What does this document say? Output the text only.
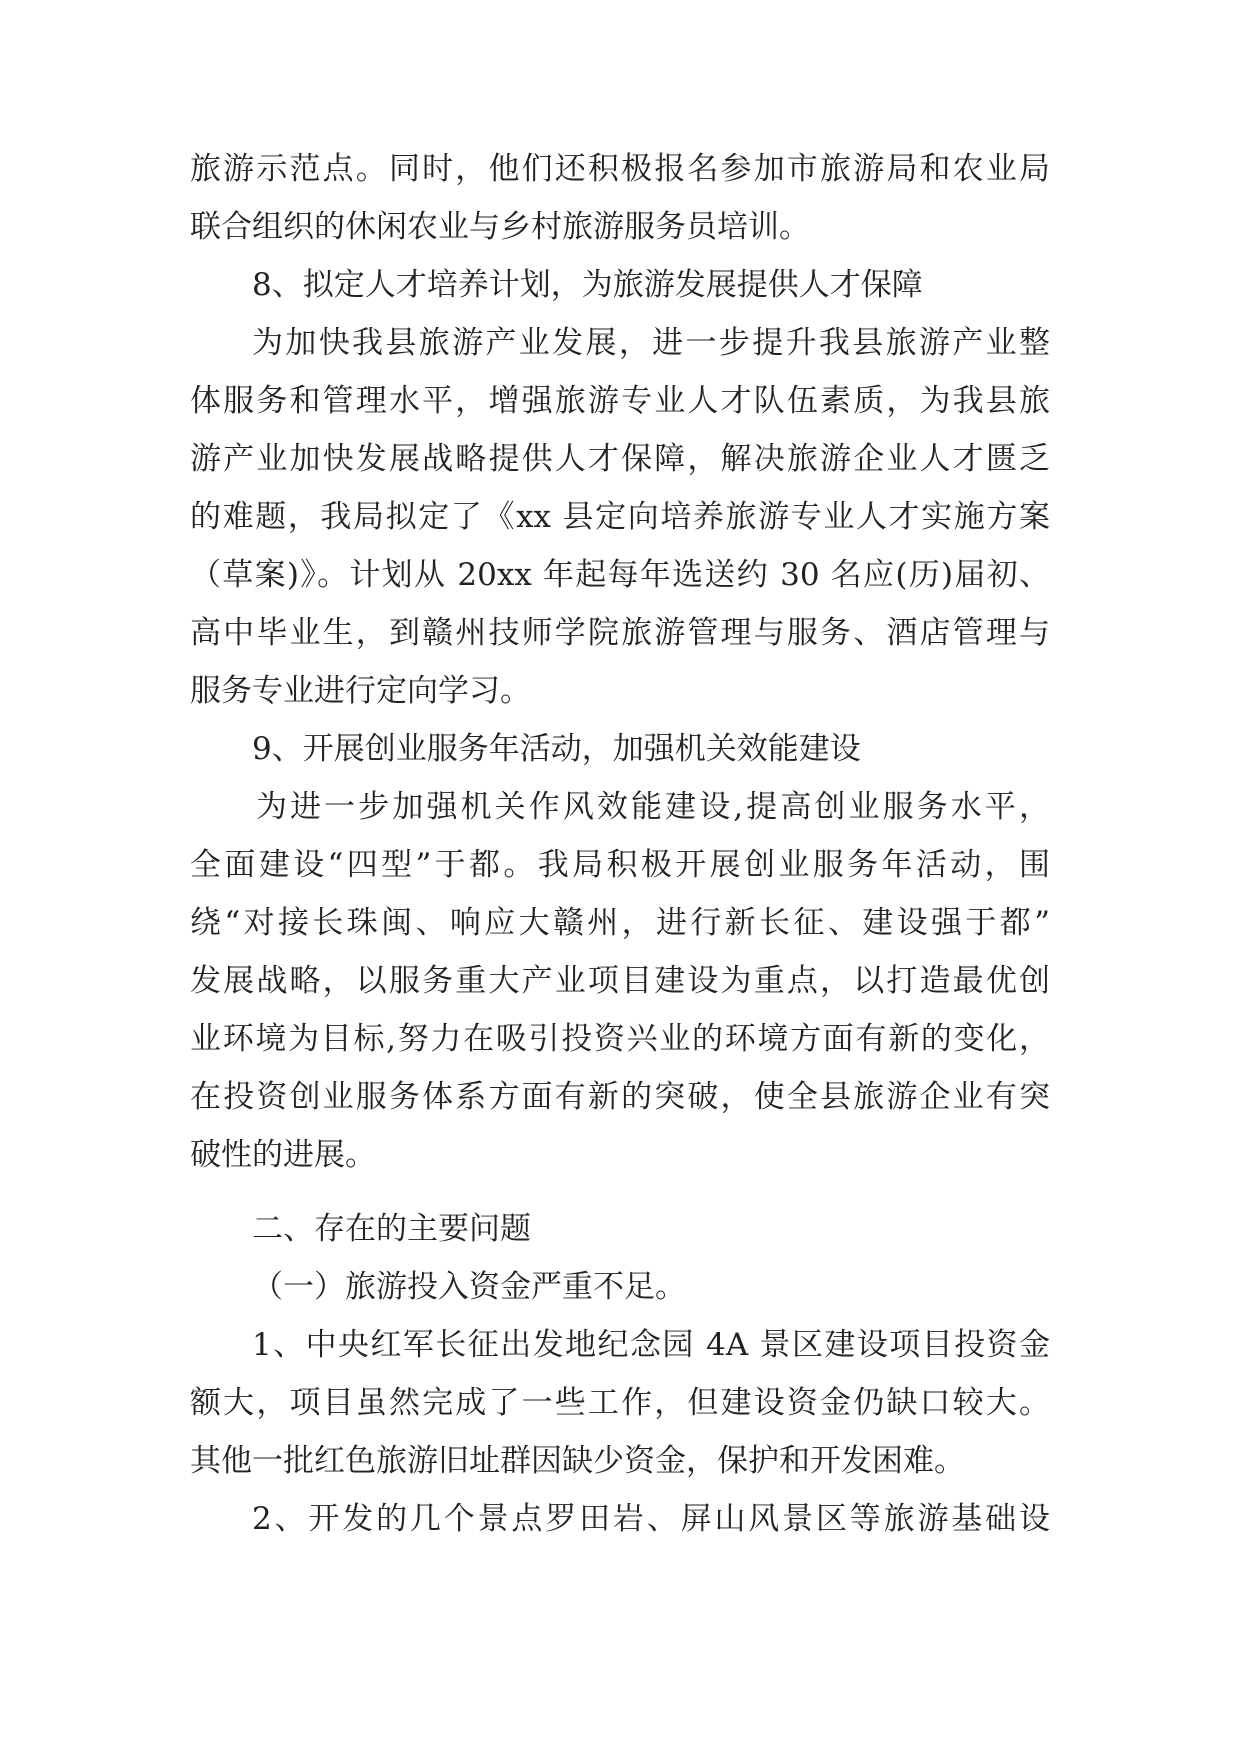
旅游示范点。同时，他们还积极报名参加市旅游局和农业局
联合组织的休闲农业与乡村旅游服务员培训。
8、拟定人才培养计划，为旅游发展提供人才保障
为加快我县旅游产业发展，进一步提升我县旅游产业整
体服务和管理水平，增强旅游专业人才队伍素质，为我县旅
游产业加快发展战略提供人才保障，解决旅游企业人才匮乏
的难题，我局拟定了《xx 县定向培养旅游专业人才实施方案
（草案)》。计划从 20xx 年起每年选送约 30 名应(历)届初、
高中毕业生，到赣州技师学院旅游管理与服务、酒店管理与
服务专业进行定向学习。
9、开展创业服务年活动，加强机关效能建设
为进一步加强机关作风效能建设,提高创业服务水平，
全面建设“四型”于都。我局积极开展创业服务年活动，围
绕“对接长珠闽、响应大赣州，进行新长征、建设强于都”
发展战略，以服务重大产业项目建设为重点，以打造最优创
业环境为目标,努力在吸引投资兴业的环境方面有新的变化，
在投资创业服务体系方面有新的突破，使全县旅游企业有突
破性的进展。
二、存在的主要问题
（一）旅游投入资金严重不足。
1、中央红军长征出发地纪念园 4A 景区建设项目投资金
额大，项目虽然完成了一些工作，但建设资金仍缺口较大。
其他一批红色旅游旧址群因缺少资金，保护和开发困难。
2、开发的几个景点罗田岩、屏山风景区等旅游基础设
